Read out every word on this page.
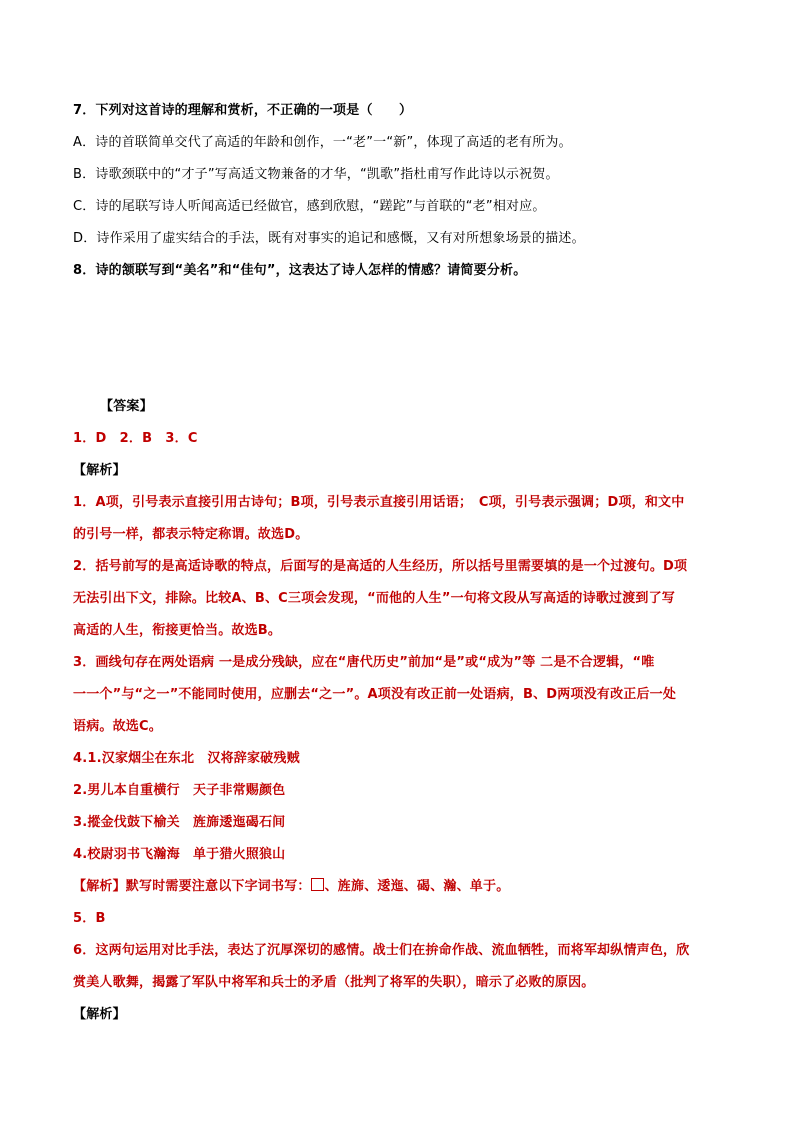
7．下列对这首诗的理解和赏析，不正确的一项是（　　）
A．诗的首联简单交代了高适的年龄和创作，一“老”一“新”，体现了高适的老有所为。
B．诗歌颈联中的“才子”写高适文物兼备的才华，“凯歌”指杜甫写作此诗以示祝贺。
C．诗的尾联写诗人听闻高适已经做官，感到欣慰，“蹉跎”与首联的“老”相对应。
D．诗作采用了虚实结合的手法，既有对事实的追记和感慨，又有对所想象场景的描述。
8．诗的颔联写到“美名”和“佳句”，这表达了诗人怎样的情感？请简要分析。
【答案】
1．D　2．B　3．C
【解析】
1．A项，引号表示直接引用古诗句；B项，引号表示直接引用话语；　C项，引号表示强调；D项，和文中
的引号一样，都表示特定称谓。故选D。
2．括号前写的是高适诗歌的特点，后面写的是高适的人生经历，所以括号里需要填的是一个过渡句。D项
无法引出下文，排除。比较A、B、C三项会发现，“而他的人生”一句将文段从写高适的诗歌过渡到了写
高适的人生，衔接更恰当。故选B。
3．画线句存在两处语病 一是成分残缺，应在“唐代历史”前加“是”或“成为”等 二是不合逻辑，“唯
一一个”与“之一”不能同时使用，应删去“之一”。A项没有改正前一处语病，B、D两项没有改正后一处
语病。故选C。
4.1.汉家烟尘在东北　汉将辞家破残贼
2.男儿本自重横行　天子非常赐颜色
3.摐金伐鼓下榆关　旌旆逶迤碣石间
4.校尉羽书飞瀚海　单于猎火照狼山
【解析】默写时需要注意以下字词书写： 、旌旆、逶迤、碣、瀚、单于。
5．B
6．这两句运用对比手法，表达了沉厚深切的感情。战士们在拚命作战、流血牺牲，而将军却纵情声色，欣
赏美人歌舞，揭露了军队中将军和兵士的矛盾（批判了将军的失职），暗示了必败的原因。
【解析】
